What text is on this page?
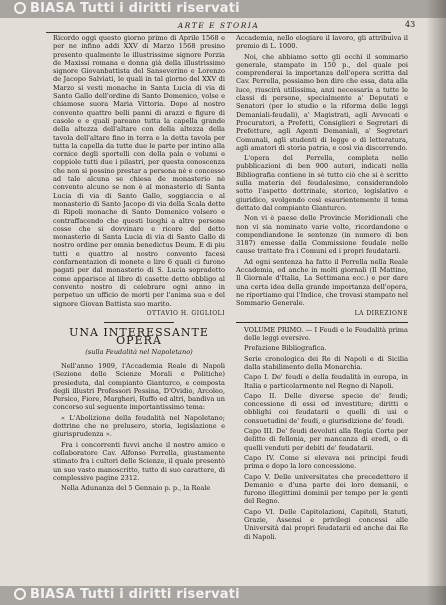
BIASA Tutti i diritti riservati
ARTE E STORIA	43

Ricordo oggi questo giorno primo di Aprile 1568 e per ne infino addi XXV di Marzo 1568 presino presento qualmente le illustrissime signore Porzia de Maxissi romana e donna già della illustrissimo signore Giovanbattista del Sanseverino e Lorenzo de Jacopo Salviati, le quali in tal giorno del XXV di Marzo si vesti monache in Santa Lucia di via di Santo Gallo dell'ordine di Santo Domenico, volse e chiamose suora Maria Vittoria. Dopo al nostro convento quattro belli panni di arazzi e figure di casole e e quali pareano tutta la capella grande della altezza dell'altare con della altezza della tavola dell'altare fino in terra e la detta tavola per tutta la capella da tutte due le parte per intino alla cornice degli sportelli con della pala e volumi e coppiole tutti due i pilastri, per questa conoscenza che non si possino prestar a persona nè e concesso ad tale alcuna se chiesa de monasterio nè convento alcuno se non è al monasterio di Santa Lucia di via di Santo Gallo, soggiaccia e al monasterio di Santo Jacopo di via della Scala dette di Ripoli monache di Santo Domenico volsero e contraffacendo che questi luoghi a altre persone cosse che si dovvinare e ricoro del detto monasterio di Santa Lucia di via di Santo Gallo di nostro ordine per omnia benedictus Deum. E di piu tutti e quattro al nostro convento facesi confarnentazion di monete e lire 6 quali ci furono pagati per dal monasterio di S. Lucia sopradetto come apparisce al libro di casette detto obbligo al convento nostro di celebrare ogni anno in perpetuo un ufficio de morti per l'anima sua e del signore Giovan Battista suo marito.

OTTAVIO H. GIGLIOLI
UNA INTERESSANTE OPERA
(sulla Feudalità nel Napoletano)

Nell'anno 1909, l'Accademia Reale di Napoli (Sezione delle Scienze Morali e Politiche) presieduta, dal compianto Gianturco, e composta degli illustri Professori Pessina, D'Ovidio, Arcoleo, Persico, Fiore, Margheri, Ruffo ed altri, bandiva un concorso sul seguente importantissimo tema:

« L'Abolizione della feudalità nel Napoletano; dottrine che ne prelusero, storia, legislazione e giurisprudenza ».

Fra i concorrenti fuvvi anche il nostro amico e collaboratore Cav. Alfonso Perrella, giustamente stimato fra i cultori delle Scienze, il quale presentò un suo vasto manoscritto, tutto di suo carattere, di complessive pagine 2312.

Nella Adunanza del 5 Gennaio p. p., la Reale

Accademia, nello elogiare il lavoro, gli attribuiva il premio di L. 1000.

Noi, che abbiamo sotto gli occhi il sommario generale, stampato in 150 p., del quale poi comprenderai la importanza dell'opera scritta dal Cav. Perrella, possiamo ben dire che essa, data alla luce, riuscirà utilissima, anzi necessaria a tutte le classi di persone, specialmente a' Deputati e Senatori (per lo studio e la riforma delle leggi Demaniali-feudali), a' Magistrati, agli Avvocati e Procuratori, a Prefetti, Consiglieri e Segretari di Prefetture, agli Agenti Demaniali, a' Segretari Comunali, agli studenti di legge e di letteratura, agli amatori di storia patria, e così via discorrendo.

L'opera del Perrella, completa nelle pubblicazioni di ben 900 autori, indicati nella Bibliografia contiene in sè tutto ciò che si è scritto sulla materia del feudalesimo, considerandolo sotto l'aspetto dottrinale, storico, legislativo e giuridico, svolgendo così esaurientemente il tema dettato dal compianto Gianturco.

Non vi è paese delle Provincie Meridionali che non vi sia nominato varie volte, ricordandone e compendiandone le sentenze (in numero di ben 3187) emesse dalla Commissione feudale nelle cause trattate fra i Comuni ed i propri feudatarii.

Ad ogni sentenza ha fatto il Perrella nella Reale Accademia, ed anche in molti giornali (Il Mattino, Il Giornale d'Italia, La Settimana ecc.) e per dare una certa idea della grande importanza dell'opera, ne riportiamo qui l'Indice, che trovasi stampato nel Sommario Generale.

LA DIREZIONE

VOLUME PRIMO. — I Feudi e le Feudalità prima delle leggi eversive.

Prefazione Bibliografica.

Serie cronologica dei Re di Napoli e di Sicilia dalla stabilimento della Monarchia.

Capo I. De' feudi e della feudalità in europa, in Italia e particolarmente nel Regno di Napoli.

Capo II. Delle diverse specie de' feudi; concessione di essi ed investiture; diritti e obblighi coi feudatarii e quelli di usi e consuetudini de' feudi, e giurisdizione de' feudi.

Capo III. De' feudi devoluti alla Regia Corte per delitto di fellonia, per mancanza di eredi, o di quelli venduti per debiti de' feudatarii.

Capo IV. Come si elevava nei principi feudi prima e dopo la loro concessione.

Capo V. Delle universitates che precedettero il Demanio e d'una parte dei loro demanii, e furono illegittimi dominii per tempo per le genti del Regno.

Capo VI. Delle Capitolazioni, Capitoli, Statuti, Grazie, Assensi e privilegi concessi alle Università dai propri feudatarii ed anche dai Re di Napoli.

BIASA Tutti i diritti riservati
